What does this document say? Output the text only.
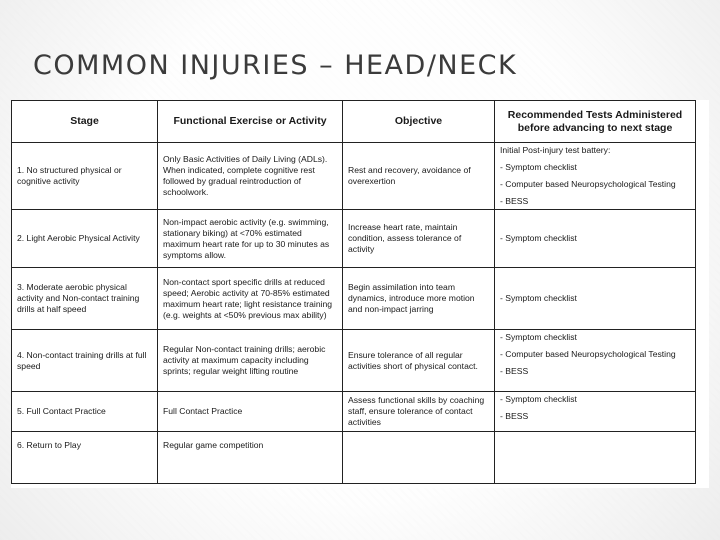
COMMON INJURIES – HEAD/NECK
Stage	Functional Exercise or Activity	Objective	Recommended Tests Administered before advancing to next stage
1. No structured physical or cognitive activity	Only Basic Activities of Daily Living (ADLs). When indicated, complete cognitive rest followed by gradual reintroduction of schoolwork.	Rest and recovery, avoidance of overexertion	Initial Post-injury test battery:
- Symptom checklist
- Computer based Neuropsychological Testing
- BESS

2. Light Aerobic Physical Activity	Non-impact aerobic activity (e.g. swimming, stationary biking) at <70% estimated maximum heart rate for up to 30 minutes as symptoms allow.	Increase heart rate, maintain condition, assess tolerance of activity	- Symptom checklist

3. Moderate aerobic physical activity and Non-contact training drills at half speed	Non-contact sport specific drills at reduced speed; Aerobic activity at 70-85% estimated maximum heart rate; light resistance training (e.g. weights at <50% previous max ability)	Begin assimilation into team dynamics, introduce more motion and non-impact jarring	- Symptom checklist

4. Non-contact training drills at full speed	Regular Non-contact training drills; aerobic activity at maximum capacity including sprints; regular weight lifting routine	Ensure tolerance of all regular activities short of physical contact.	- Symptom checklist
- Computer based Neuropsychological Testing
- BESS

5. Full Contact Practice	Full Contact Practice	Assess functional skills by coaching staff, ensure tolerance of contact activities	- Symptom checklist
- BESS

6. Return to Play	Regular game competition		
